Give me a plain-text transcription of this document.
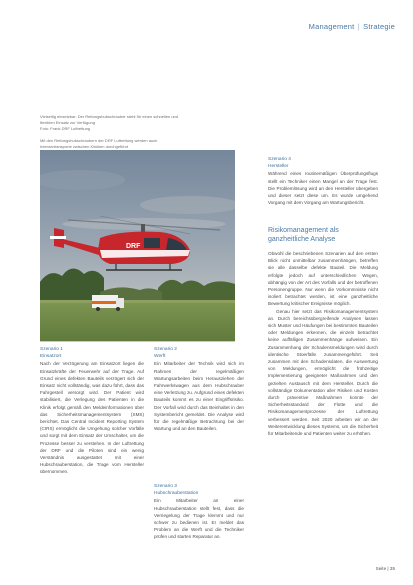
Management | Strategie

Vielseitig einsetzbar: Der Rettungshubschrauber steht für einen schnellen und flexiblen Einsatz zur Verfügung
Foto: Frank DRF Luftrettung

Mit den Rettungshubschraubern der DRF Luftrettung werden auch Intensivtransporte zwischen Kliniken durchgeführt

DRF
Szenario 1
Einsatzort

Nach der Verzögerung am Einsatzort liegen die Einsatzkräfte der Feuerwehr auf der Trage. Auf Grund eines defekten Bauteils verzögert sich der Einsatz nicht vollständig, was dazu führt, dass das Fahrgestell versorgt wird. Der Patient wird stabilisiert, die Verlegung des Patienten in die Klinik erfolgt gemäß den Meldeinformationen über das Sicherheitsmanagementsystem (SMS) berichtet. Das Central Incident Reporting System (CIRS) ermöglicht die Umgehung solcher Vorfälle und sorgt mit dem Einsatz der Umschalter, um die Prozesse besser zu verstehen. In der Luftrettung der DRF und die Piloten sind ein wenig Verständnis ausgestattet mit einer Hubschrauberstation, die Trage vom Hersteller übernommen.

Szenario 2
Werft

Ein Mitarbeiter der Technik wird sich im Rahmen der regelmäßigen Wartungsarbeiten beim Herausziehen der Fahrwerkswagen aus dem Hubschrauber eine Verletzung zu. Aufgrund eines defekten Bauteils kommt es zu einer Eingriffsrisiko. Der Vorfall wird durch das Beinhaltet in den Systembericht gemeldet. Die Analyse wird für die regelmäßige Betrachtung bei der Wartung und an den Bauteilen.

Szenario 3
Hubschrauberstation

Ein Mitarbeiter an einer Hubschrauberstation stellt fest, dass die Verriegelung der Trage klemmt und nur schwer zu bedienen ist. Er meldet das Problem an die Werft und die Techniker prüfen und starten Reparatur an.

Szenario 4
Hersteller

Während eines routinemäßigen Überprüfungsflugs stellt ein Techniker einen Mangel an der Trage fest. Die Problemlösung wird an den Hersteller übergeben und dieser setzt diese um. Es wurde umgehend Vorgang mit dem Vorgang am Wartungsbericht.

Risikomanagement als
ganzheitliche Analyse

Obwohl die beschriebenen Szenarien auf den ersten Blick nicht unmittelbar zusammenhängen, betreffen sie alle dasselbe defekte Bauteil. Die Meldung erfolgte jedoch auf unterschiedlichen Wegen, abhängig von der Art des Vorfalls und der betroffenen Personengruppe. Nur wenn die Vorkommnisse nicht isoliert betrachtet werden, ist eine ganzheitliche Bewertung kritischer Ereignisse möglich.

Genau hier setzt das Risikomanagementsystem an. Durch bereichsübergreifende Analysen lassen sich Muster und Häufungen bei bestimmten Bauteilen oder Meldungen erkennen, die einzeln betrachtet keine auffälligen Zusammenhänge aufweisen. Ein Zusammenhang der Schadensmeldungen wird durch identische Stoerfälle zusammengeführt. Seit zusammen mit den Schadensdaten, die Auswertung von Meldungen, ermöglicht die frühzeitige Implementierung geeigneter Maßnahmen und den gezielten Austausch mit dem Hersteller. Durch die vollständige Dokumentation aller Risiken und Kosten durch präventive Maßnahmen konnte der Sicherheitsstandard der Flotte und die Risikomanagementprozesse der Luftrettung verbessert werden. Seit 2020 arbeiten wir an der Weiterentwicklung dieses Systems, um die Sicherheit für Mitarbeitende und Patienten weiter zu erhöhen.

Seite | 35
